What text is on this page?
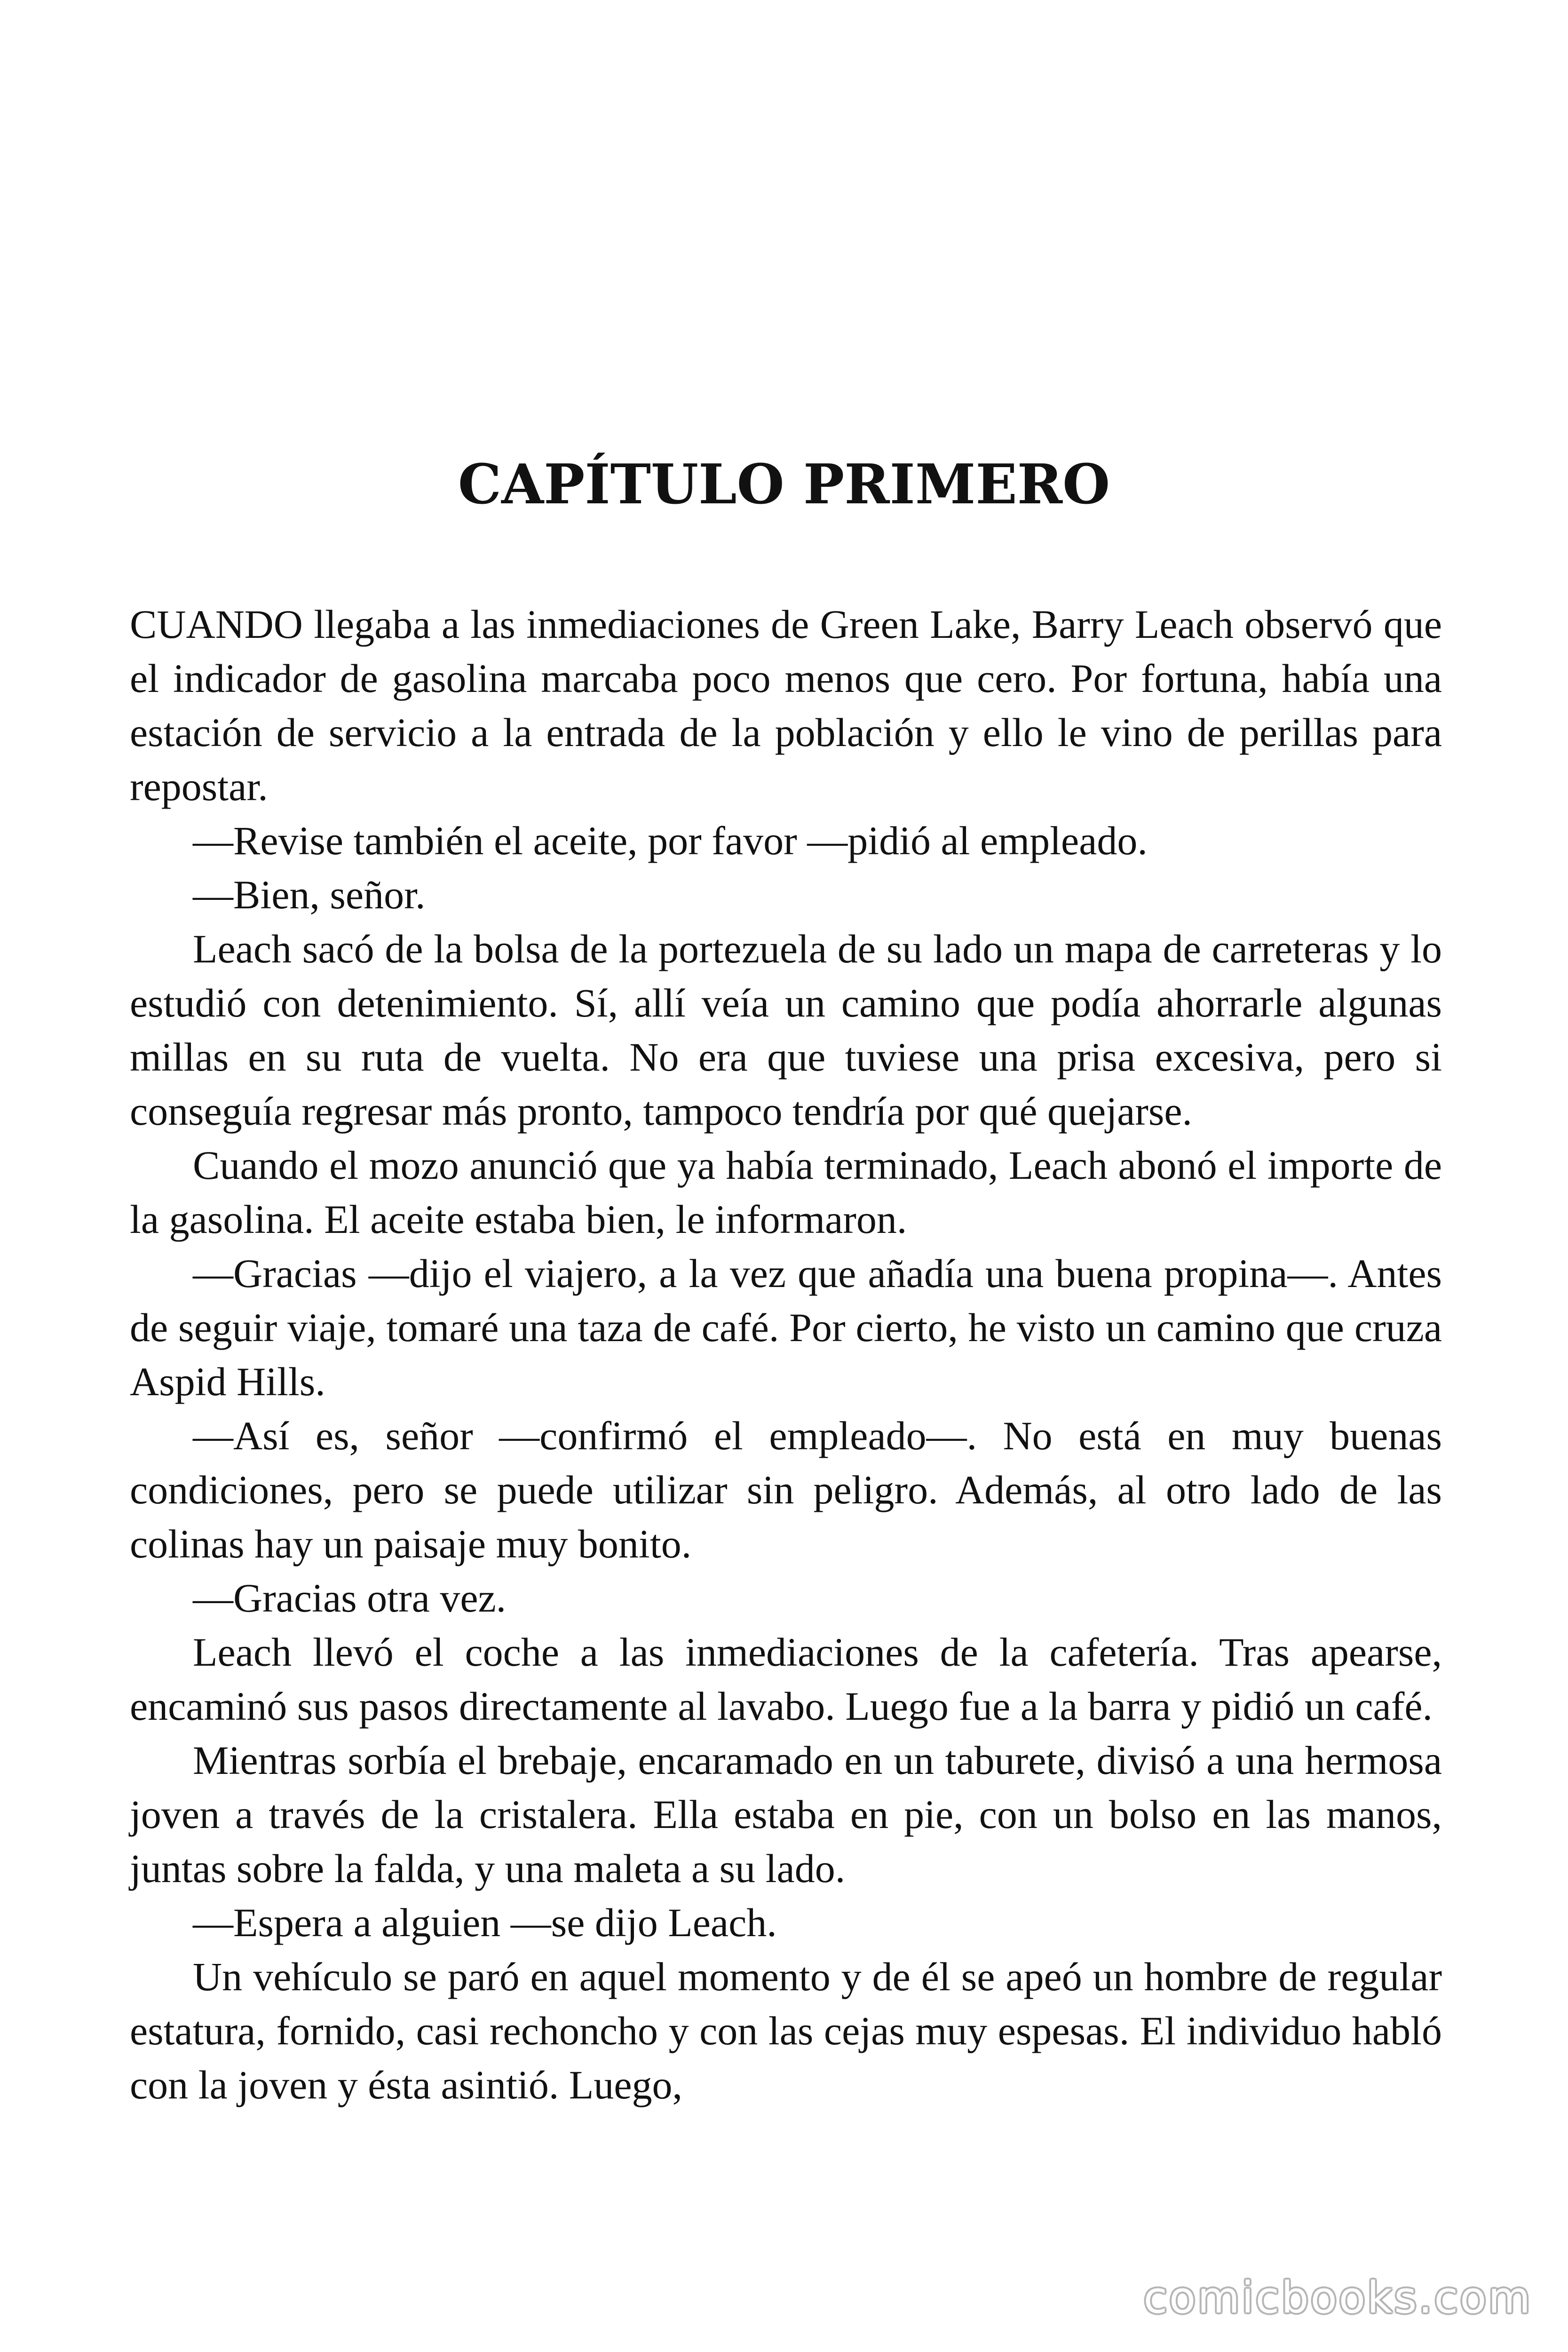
CAPÍTULO PRIMERO

CUANDO llegaba a las inmediaciones de Green Lake, Barry Leach observó que el indicador de gasolina marcaba poco menos que cero. Por fortuna, había una estación de servicio a la entrada de la población y ello le vino de perillas para repostar.

—Revise también el aceite, por favor —pidió al empleado.

—Bien, señor.

Leach sacó de la bolsa de la portezuela de su lado un mapa de carreteras y lo estudió con detenimiento. Sí, allí veía un camino que podía ahorrarle algunas millas en su ruta de vuelta. No era que tuviese una prisa excesiva, pero si conseguía regresar más pronto, tampoco tendría por qué quejarse.

Cuando el mozo anunció que ya había terminado, Leach abonó el importe de la gasolina. El aceite estaba bien, le informaron.

—Gracias —dijo el viajero, a la vez que añadía una buena propina—. Antes de seguir viaje, tomaré una taza de café. Por cierto, he visto un camino que cruza Aspid Hills.

—Así es, señor —confirmó el empleado—. No está en muy buenas condiciones, pero se puede utilizar sin peligro. Además, al otro lado de las colinas hay un paisaje muy bonito.

—Gracias otra vez.

Leach llevó el coche a las inmediaciones de la cafetería. Tras apearse, encaminó sus pasos directamente al lavabo. Luego fue a la barra y pidió un café.

Mientras sorbía el brebaje, encaramado en un taburete, divisó a una hermosa joven a través de la cristalera. Ella estaba en pie, con un bolso en las manos, juntas sobre la falda, y una maleta a su lado.

—Espera a alguien —se dijo Leach.

Un vehículo se paró en aquel momento y de él se apeó un hombre de regular estatura, fornido, casi rechoncho y con las cejas muy espesas. El individuo habló con la joven y ésta asintió. Luego,

comicbooks.com
